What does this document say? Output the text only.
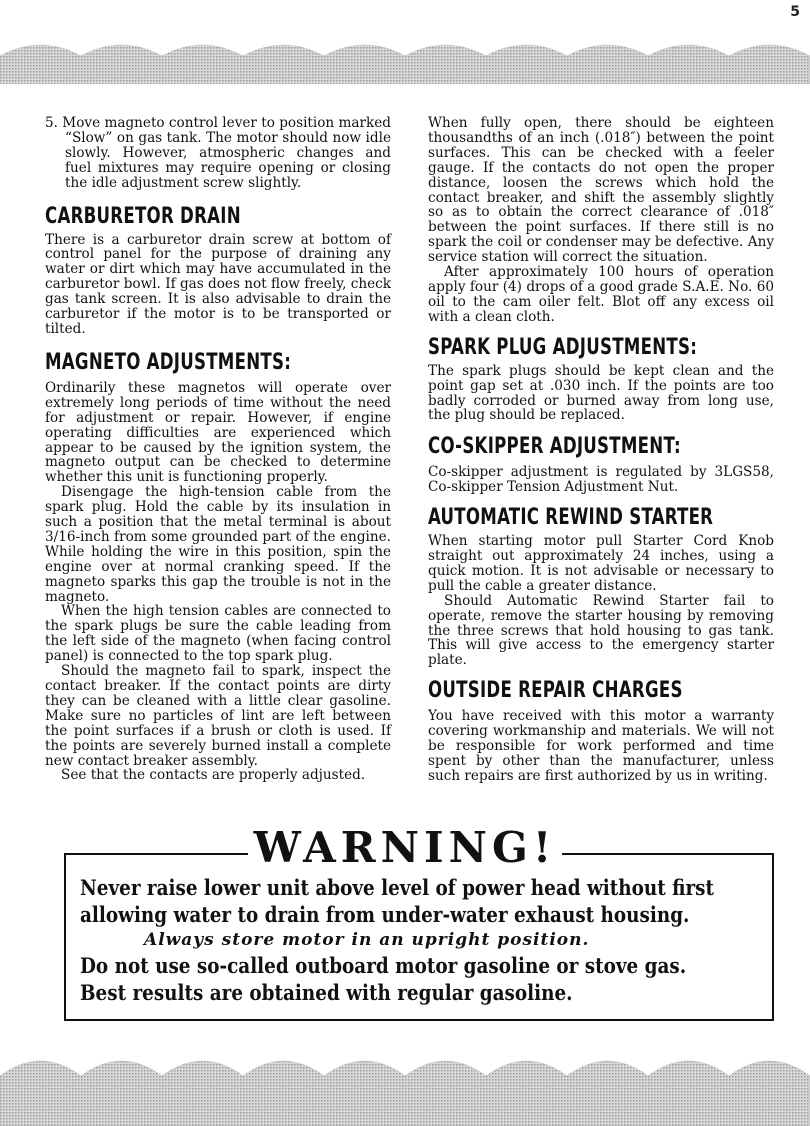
5

5. Move magneto control lever to position marked “Slow” on gas tank. The motor should now idle slowly. However, atmospheric changes and fuel mixtures may require opening or closing the idle adjustment screw slightly.

CARBURETOR DRAIN

There is a carburetor drain screw at bottom of control panel for the purpose of draining any water or dirt which may have accumulated in the carburetor bowl. If gas does not flow freely, check gas tank screen. It is also advisable to drain the carburetor if the motor is to be transported or tilted.

MAGNETO ADJUSTMENTS:

Ordinarily these magnetos will operate over extremely long periods of time without the need for adjustment or repair. However, if engine operating difficulties are experienced which appear to be caused by the ignition system, the magneto output can be checked to determine whether this unit is functioning properly.

Disengage the high-tension cable from the spark plug. Hold the cable by its insulation in such a position that the metal terminal is about 3/16-inch from some grounded part of the engine. While holding the wire in this position, spin the engine over at normal cranking speed. If the magneto sparks this gap the trouble is not in the magneto.

When the high tension cables are connected to the spark plugs be sure the cable leading from the left side of the magneto (when facing control panel) is connected to the top spark plug.

Should the magneto fail to spark, inspect the contact breaker. If the contact points are dirty they can be cleaned with a little clear gasoline. Make sure no particles of lint are left between the point surfaces if a brush or cloth is used. If the points are severely burned install a complete new contact breaker assembly.

See that the contacts are properly adjusted.

When fully open, there should be eighteen thousandths of an inch (.018″) between the point surfaces. This can be checked with a feeler gauge. If the contacts do not open the proper distance, loosen the screws which hold the contact breaker, and shift the assembly slightly so as to obtain the correct clearance of .018″ between the point surfaces. If there still is no spark the coil or condenser may be defective. Any service station will correct the situation.

After approximately 100 hours of operation apply four (4) drops of a good grade S.A.E. No. 60 oil to the cam oiler felt. Blot off any excess oil with a clean cloth.

SPARK PLUG ADJUSTMENTS:

The spark plugs should be kept clean and the point gap set at .030 inch. If the points are too badly corroded or burned away from long use, the plug should be replaced.

CO-SKIPPER ADJUSTMENT:

Co-skipper adjustment is regulated by 3LGS58, Co-skipper Tension Adjustment Nut.

AUTOMATIC REWIND STARTER

When starting motor pull Starter Cord Knob straight out approximately 24 inches, using a quick motion. It is not advisable or necessary to pull the cable a greater distance.

Should Automatic Rewind Starter fail to operate, remove the starter housing by removing the three screws that hold housing to gas tank. This will give access to the emergency starter plate.

OUTSIDE REPAIR CHARGES

You have received with this motor a warranty covering workmanship and materials. We will not be responsible for work performed and time spent by other than the manufacturer, unless such repairs are first authorized by us in writing.

WARNING!
Never raise lower unit above level of power head without first
allowing water to drain from under-water exhaust housing.
Always store motor in an upright position.
Do not use so-called outboard motor gasoline or stove gas.
Best results are obtained with regular gasoline.
